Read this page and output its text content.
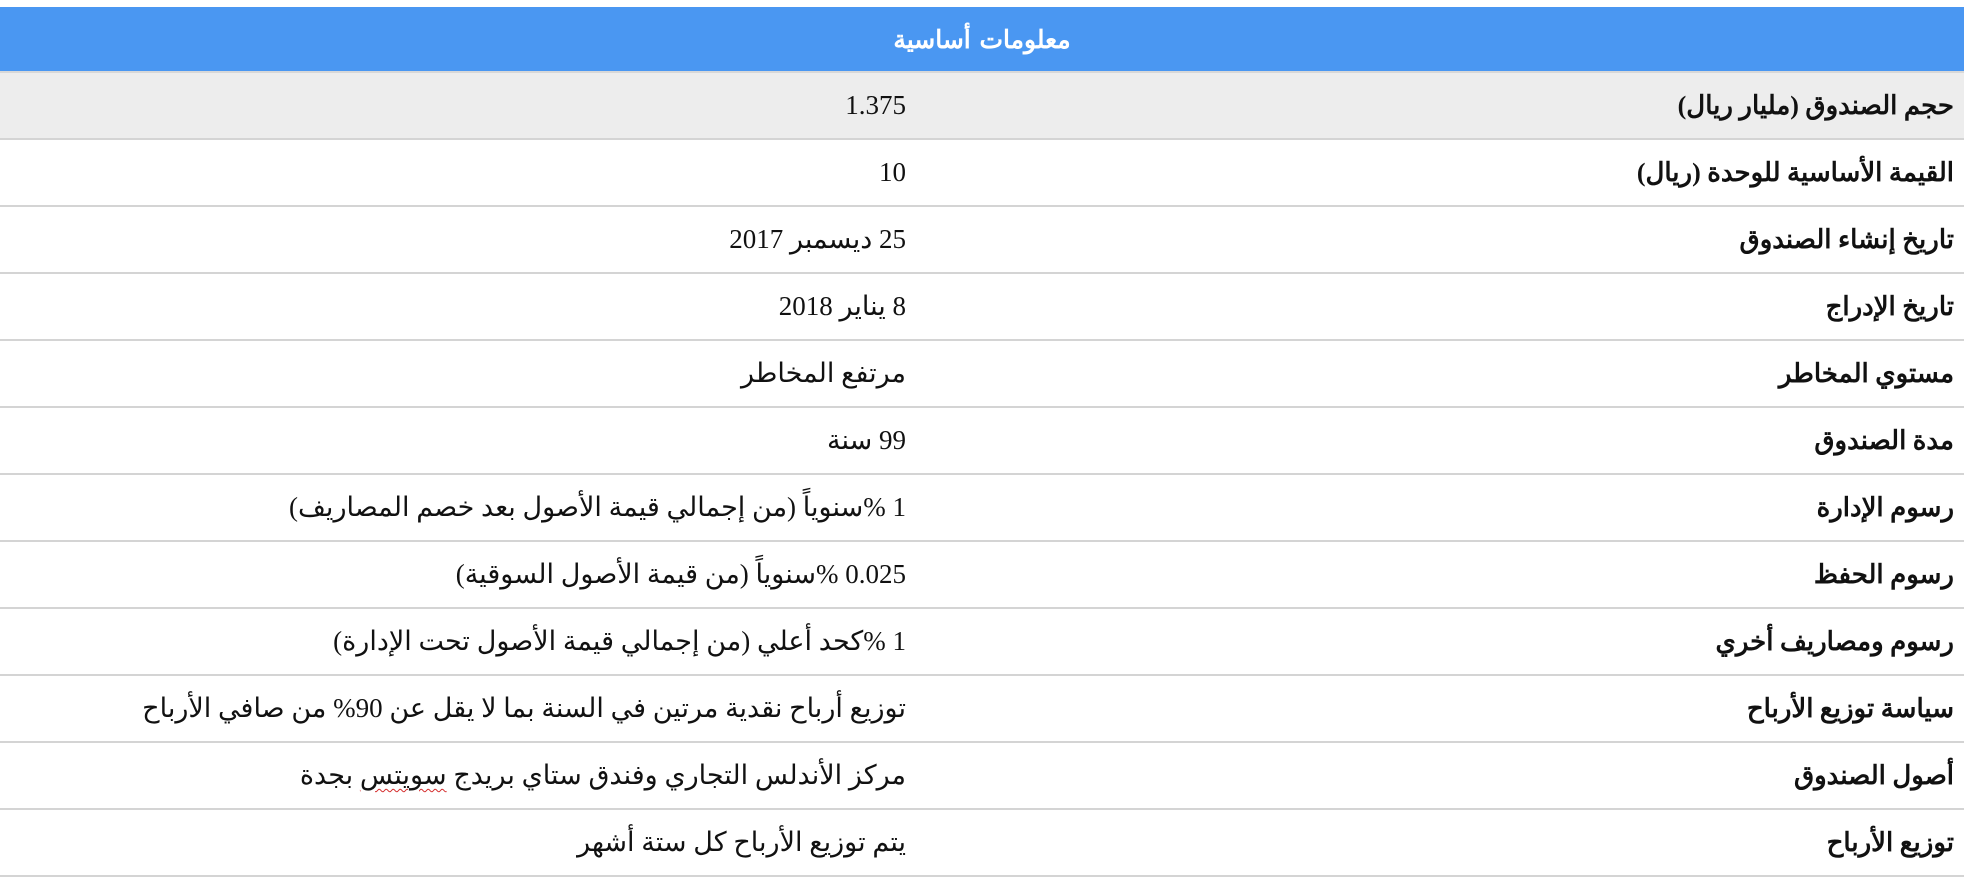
معلومات أساسية	
حجم الصندوق (مليار ريال)	1.375
القيمة الأساسية للوحدة (ريال)	10
تاريخ إنشاء الصندوق	25 ديسمبر 2017
تاريخ الإدراج	8 يناير 2018
مستوي المخاطر	مرتفع المخاطر
مدة الصندوق	99 سنة
رسوم الإدارة	1 %سنوياً (من إجمالي قيمة الأصول بعد خصم المصاريف)
رسوم الحفظ	0.025 %سنوياً (من قيمة الأصول السوقية)
رسوم ومصاريف أخري	1 %كحد أعلي (من إجمالي قيمة الأصول تحت الإدارة)
سياسة توزيع الأرباح	توزيع أرباح نقدية مرتين في السنة بما لا يقل عن 90% من صافي الأرباح
أصول الصندوق	مركز الأندلس التجاري وفندق ستاي بريدج سويتس بجدة
توزيع الأرباح	يتم توزيع الأرباح كل ستة أشهر
